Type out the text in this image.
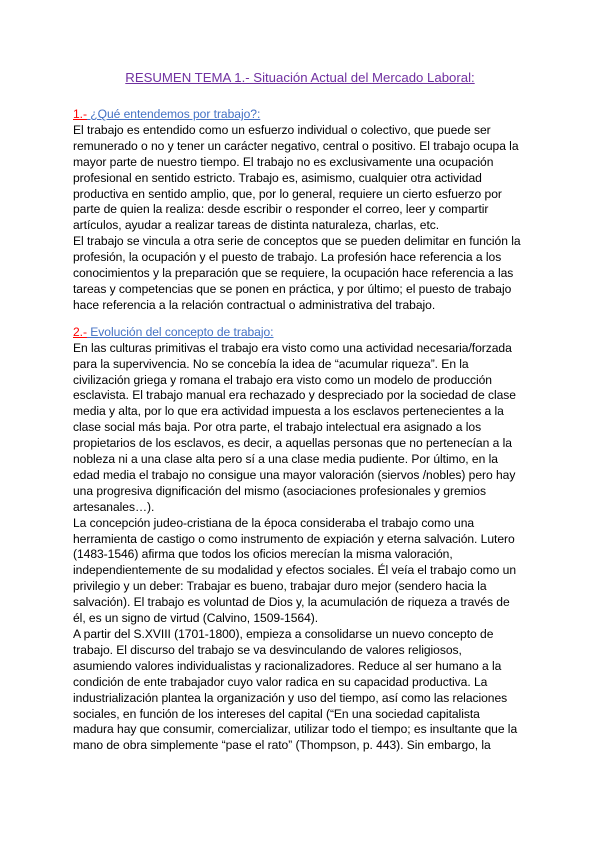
RESUMEN TEMA 1.- Situación Actual del Mercado Laboral:
1.- ¿Qué entendemos por trabajo?:
El trabajo es entendido como un esfuerzo individual o colectivo, que puede ser
remunerado o no y tener un carácter negativo, central o positivo. El trabajo ocupa la
mayor parte de nuestro tiempo. El trabajo no es exclusivamente una ocupación
profesional en sentido estricto. Trabajo es, asimismo, cualquier otra actividad
productiva en sentido amplio, que, por lo general, requiere un cierto esfuerzo por
parte de quien la realiza: desde escribir o responder el correo, leer y compartir
artículos, ayudar a realizar tareas de distinta naturaleza, charlas, etc.
El trabajo se vincula a otra serie de conceptos que se pueden delimitar en función la
profesión, la ocupación y el puesto de trabajo. La profesión hace referencia a los
conocimientos y la preparación que se requiere, la ocupación hace referencia a las
tareas y competencias que se ponen en práctica, y por último; el puesto de trabajo
hace referencia a la relación contractual o administrativa del trabajo.
2.- Evolución del concepto de trabajo:
En las culturas primitivas el trabajo era visto como una actividad necesaria/forzada
para la supervivencia. No se concebía la idea de “acumular riqueza”. En la
civilización griega y romana el trabajo era visto como un modelo de producción
esclavista. El trabajo manual era rechazado y despreciado por la sociedad de clase
media y alta, por lo que era actividad impuesta a los esclavos pertenecientes a la
clase social más baja. Por otra parte, el trabajo intelectual era asignado a los
propietarios de los esclavos, es decir, a aquellas personas que no pertenecían a la
nobleza ni a una clase alta pero sí a una clase media pudiente. Por último, en la
edad media el trabajo no consigue una mayor valoración (siervos /nobles) pero hay
una progresiva dignificación del mismo (asociaciones profesionales y gremios
artesanales…).
La concepción judeo-cristiana de la época consideraba el trabajo como una
herramienta de castigo o como instrumento de expiación y eterna salvación. Lutero
(1483-1546) afirma que todos los oficios merecían la misma valoración,
independientemente de su modalidad y efectos sociales. Él veía el trabajo como un
privilegio y un deber: Trabajar es bueno, trabajar duro mejor (sendero hacia la
salvación). El trabajo es voluntad de Dios y, la acumulación de riqueza a través de
él, es un signo de virtud (Calvino, 1509-1564).
A partir del S.XVIII (1701-1800), empieza a consolidarse un nuevo concepto de
trabajo. El discurso del trabajo se va desvinculando de valores religiosos,
asumiendo valores individualistas y racionalizadores. Reduce al ser humano a la
condición de ente trabajador cuyo valor radica en su capacidad productiva. La
industrialización plantea la organización y uso del tiempo, así como las relaciones
sociales, en función de los intereses del capital (“En una sociedad capitalista
madura hay que consumir, comercializar, utilizar todo el tiempo; es insultante que la
mano de obra simplemente “pase el rato” (Thompson, p. 443). Sin embargo, la
